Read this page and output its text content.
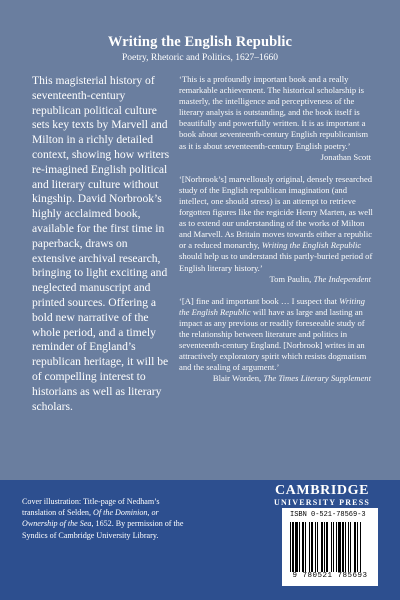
Writing the English Republic
Poetry, Rhetoric and Politics, 1627–1660
This magisterial history of seventeenth-century republican political culture sets key texts by Marvell and Milton in a richly detailed context, showing how writers re-imagined English political and literary culture without kingship. David Norbrook’s highly acclaimed book, available for the first time in paperback, draws on extensive archival research, bringing to light exciting and neglected manuscript and printed sources. Offering a bold new narrative of the whole period, and a timely reminder of England’s republican heritage, it will be of compelling interest to historians as well as literary scholars.

‘This is a profoundly important book and a really remarkable achievement. The historical scholarship is masterly, the intelligence and perceptiveness of the literary analysis is outstanding, and the book itself is beautifully and powerfully written. It is as important a book about seventeenth-century English republicanism as it is about seventeenth-century English poetry.’

Jonathan Scott

‘[Norbrook’s] marvellously original, densely researched study of the English republican imagination (and intellect, one should stress) is an attempt to retrieve forgotten figures like the regicide Henry Marten, as well as to extend our understanding of the works of Milton and Marvell. As Britain moves towards either a republic or a reduced monarchy, Writing the English Republic should help us to understand this partly-buried period of English literary history.’

Tom Paulin, The Independent

‘[A] fine and important book … I suspect that Writing the English Republic will have as large and lasting an impact as any previous or readily foreseeable study of the relationship between literature and politics in seventeenth-century England. [Norbrook] writes in an attractively exploratory spirit which resists dogmatism and the sealing of argument.’

Blair Worden, The Times Literary Supplement
Cover illustration: Title-page of Nedham’s translation of Selden, Of the Dominion, or Ownership of the Sea, 1652. By permission of the Syndics of Cambridge University Library.
CAMBRIDGE
UNIVERSITY PRESS
ISBN 0-521-78569-3
9 780521 785693
